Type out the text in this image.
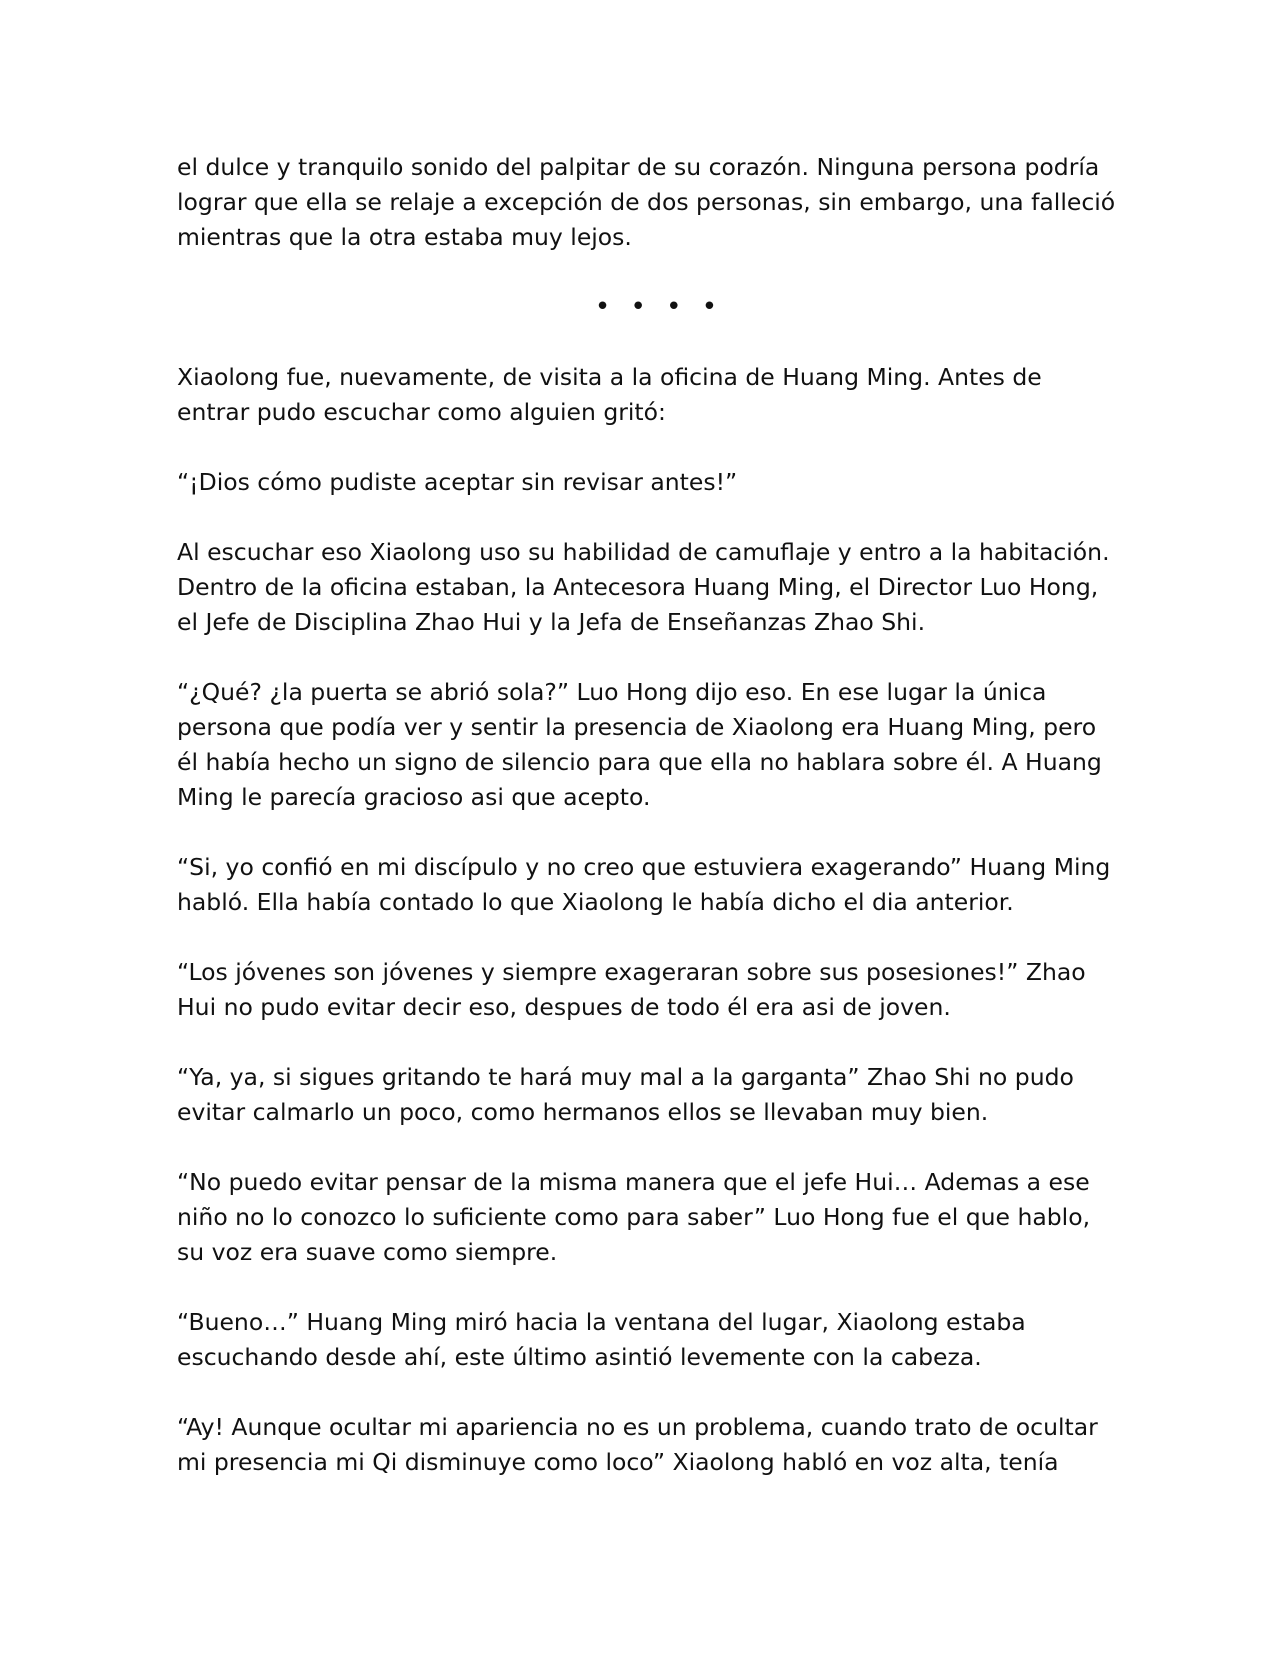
el dulce y tranquilo sonido del palpitar de su corazón. Ninguna persona podría lograr que ella se relaje a excepción de dos personas, sin embargo, una falleció mientras que la otra estaba muy lejos.

• • • •

Xiaolong fue, nuevamente, de visita a la oficina de Huang Ming. Antes de entrar pudo escuchar como alguien gritó:

“¡Dios cómo pudiste aceptar sin revisar antes!”

Al escuchar eso Xiaolong uso su habilidad de camuflaje y entro a la habitación. Dentro de la oficina estaban, la Antecesora Huang Ming, el Director Luo Hong, el Jefe de Disciplina Zhao Hui y la Jefa de Enseñanzas Zhao Shi.

“¿Qué? ¿la puerta se abrió sola?” Luo Hong dijo eso. En ese lugar la única persona que podía ver y sentir la presencia de Xiaolong era Huang Ming, pero él había hecho un signo de silencio para que ella no hablara sobre él. A Huang Ming le parecía gracioso asi que acepto.

“Si, yo confió en mi discípulo y no creo que estuviera exagerando” Huang Ming habló. Ella había contado lo que Xiaolong le había dicho el dia anterior.

“Los jóvenes son jóvenes y siempre exageraran sobre sus posesiones!” Zhao Hui no pudo evitar decir eso, despues de todo él era asi de joven.

“Ya, ya, si sigues gritando te hará muy mal a la garganta” Zhao Shi no pudo evitar calmarlo un poco, como hermanos ellos se llevaban muy bien.

“No puedo evitar pensar de la misma manera que el jefe Hui… Ademas a ese niño no lo conozco lo suficiente como para saber” Luo Hong fue el que hablo, su voz era suave como siempre.

“Bueno…” Huang Ming miró hacia la ventana del lugar, Xiaolong estaba escuchando desde ahí, este último asintió levemente con la cabeza.

“Ay! Aunque ocultar mi apariencia no es un problema, cuando trato de ocultar mi presencia mi Qi disminuye como loco” Xiaolong habló en voz alta, tenía
